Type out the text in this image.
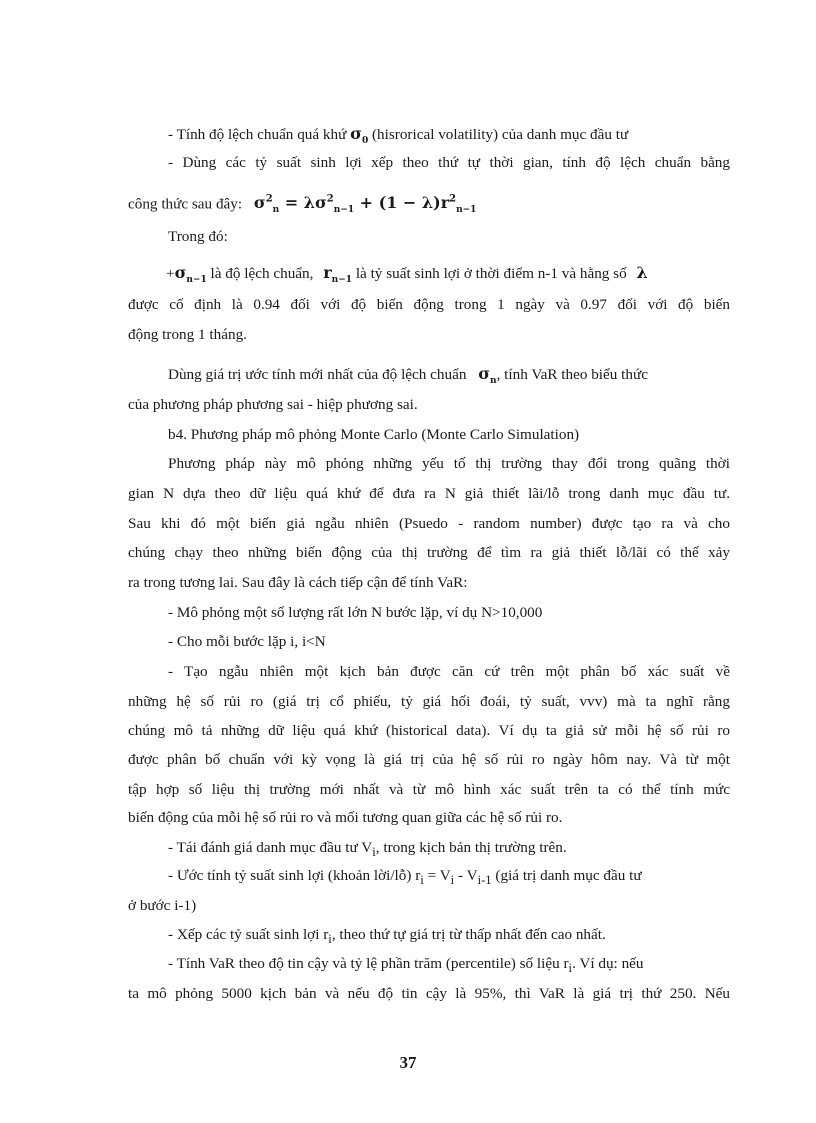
- Tính độ lệch chuẩn quá khứ $\sigma_0$ (hisrorical volatility) của danh mục đầu tư
- Dùng các tỷ suất sinh lợi xếp theo thứ tự thời gian, tính độ lệch chuẩn bằng
công thức sau đây: $\sigma^2_n = \lambda\sigma^2_{n-1} + (1 - \lambda)r^2_{n-1}$
Trong đó:
$+\sigma_{n-1}$ là độ lệch chuẩn, $r_{n-1}$ là tỷ suất sinh lợi ở thời điểm n-1 và hằng số λ
được cố định là 0.94 đối với độ biến động trong 1 ngày và 0.97 đối với độ biến
động trong 1 tháng.
Dùng giá trị ước tính mới nhất của độ lệch chuẩn $\sigma_n$, tính VaR theo biểu thức
của phương pháp phương sai - hiệp phương sai.
b4. Phương pháp mô phỏng Monte Carlo (Monte Carlo Simulation)
Phương pháp này mô phỏng những yếu tố thị trường thay đổi trong quãng thời
gian N dựa theo dữ liệu quá khứ để đưa ra N giả thiết lãi/lỗ trong danh mục đầu tư.
Sau khi đó một biến giả ngẫu nhiên (Psuedo - random number) được tạo ra và cho
chúng chạy theo những biến động của thị trường để tìm ra giả thiết lỗ/lãi có thể xảy
ra trong tương lai. Sau đây là cách tiếp cận để tính VaR:
- Mô phỏng một số lượng rất lớn N bước lặp, ví dụ N>10,000
- Cho mỗi bước lặp i, i<N
- Tạo ngẫu nhiên một kịch bản được căn cứ trên một phân bố xác suất về
những hệ số rủi ro (giá trị cổ phiếu, tỷ giá hối đoái, tỷ suất, vvv) mà ta nghĩ rằng
chúng mô tả những dữ liệu quá khứ (historical data). Ví dụ ta giả sử mỗi hệ số rủi ro
được phân bố chuẩn với kỳ vọng là giá trị của hệ số rủi ro ngày hôm nay. Và từ một
tập hợp số liệu thị trường mới nhất và từ mô hình xác suất trên ta có thể tính mức
biến động của mỗi hệ số rủi ro và mối tương quan giữa các hệ số rủi ro.
- Tái đánh giá danh mục đầu tư $V_i$, trong kịch bản thị trường trên.
- Ước tính tỷ suất sinh lợi (khoản lời/lỗ) $r_i = V_i - V_{i-1}$ (giá trị danh mục đầu tư
ở bước i-1)
- Xếp các tỷ suất sinh lợi $r_i$, theo thứ tự giá trị từ thấp nhất đến cao nhất.
- Tính VaR theo độ tin cậy và tỷ lệ phần trăm (percentile) số liệu $r_i$. Ví dụ: nếu
ta mô phỏng 5000 kịch bản và nếu độ tin cậy là 95%, thì VaR là giá trị thứ 250. Nếu
37
